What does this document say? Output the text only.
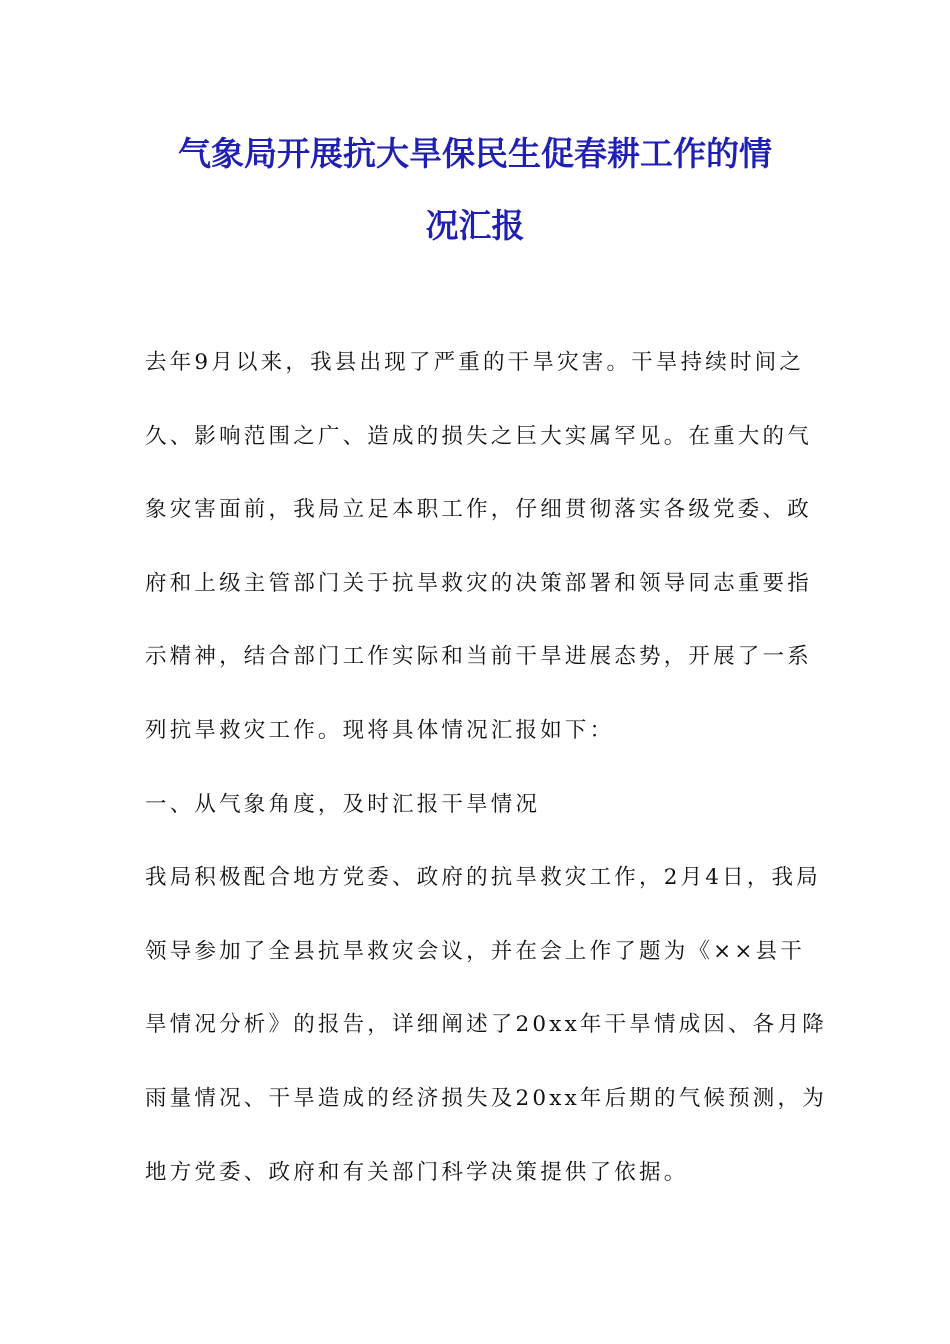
气象局开展抗大旱保民生促春耕工作的情
况汇报
去年9月以来，我县出现了严重的干旱灾害。干旱持续时间之
久、影响范围之广、造成的损失之巨大实属罕见。在重大的气
象灾害面前，我局立足本职工作，仔细贯彻落实各级党委、政
府和上级主管部门关于抗旱救灾的决策部署和领导同志重要指
示精神，结合部门工作实际和当前干旱进展态势，开展了一系
列抗旱救灾工作。现将具体情况汇报如下：
一、从气象角度，及时汇报干旱情况
我局积极配合地方党委、政府的抗旱救灾工作，2月4日，我局
领导参加了全县抗旱救灾会议，并在会上作了题为《××县干
旱情况分析》的报告，详细阐述了20xx年干旱情成因、各月降
雨量情况、干旱造成的经济损失及20xx年后期的气候预测，为
地方党委、政府和有关部门科学决策提供了依据。
